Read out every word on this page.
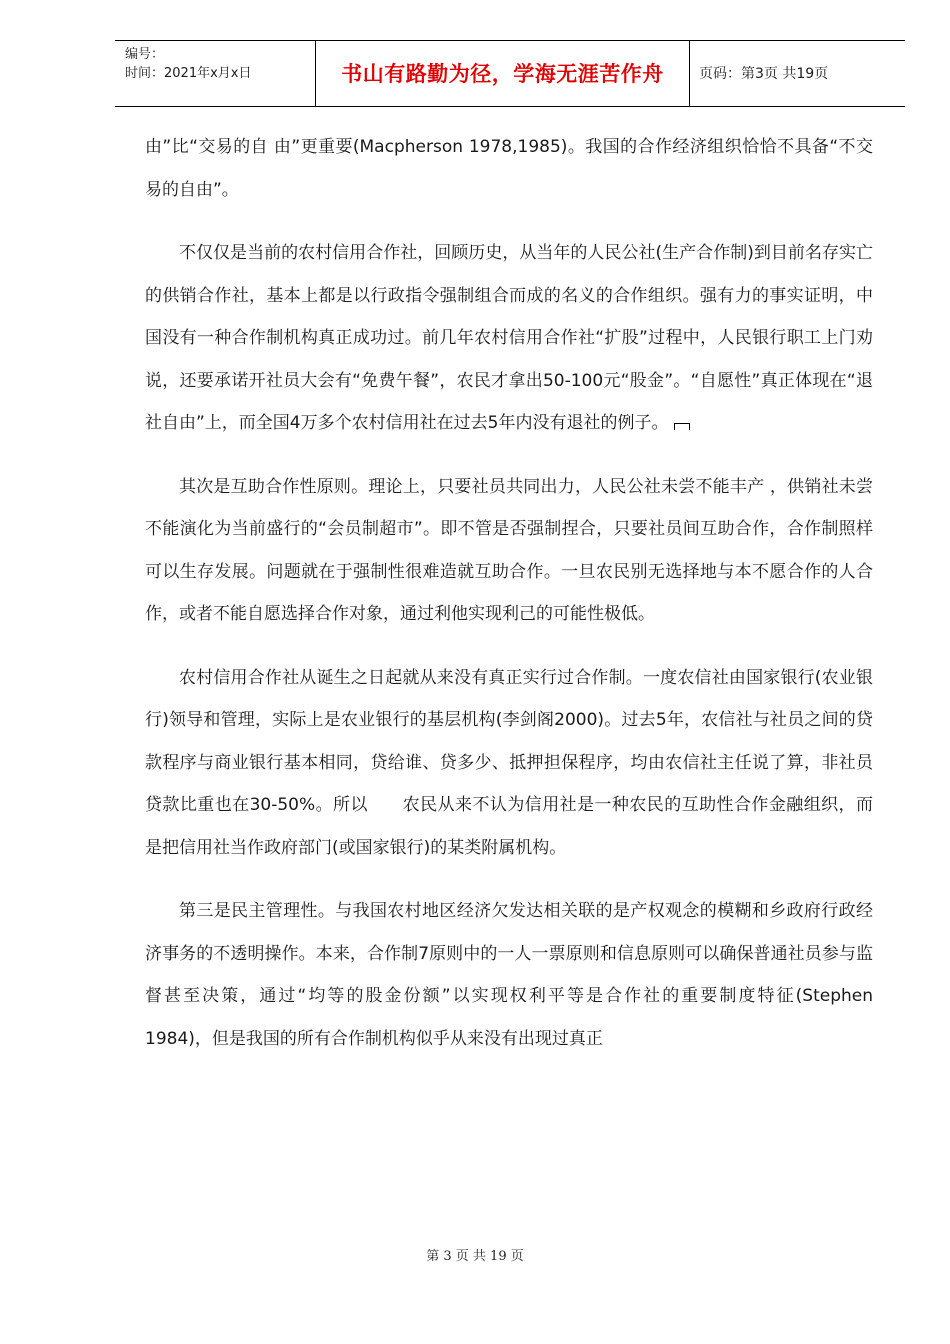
编号：
时间：2021年x月x日	书山有路勤为径，学海无涯苦作舟	页码：第3页 共19页

由”比“交易的自 由”更重要(Macpherson 1978,1985)。我国的合作经济组织恰恰不具备“不交易的自由”。

不仅仅是当前的农村信用合作社，回顾历史，从当年的人民公社(生产合作制)到目前名存实亡的供销合作社，基本上都是以行政指令强制组合而成的名义的合作组织。强有力的事实证明，中国没有一种合作制机构真正成功过。前几年农村信用合作社“扩股”过程中，人民银行职工上门劝说，还要承诺开社员大会有“免费午餐”，农民才拿出50-100元“股金”。“自愿性”真正体现在“退社自由”上，而全国4万多个农村信用社在过去5年内没有退社的例子。

其次是互助合作性原则。理论上，只要社员共同出力，人民公社未尝不能丰产 ，供销社未尝不能演化为当前盛行的“会员制超市”。即不管是否强制捏合，只要社员间互助合作，合作制照样可以生存发展。问题就在于强制性很难造就互助合作。一旦农民别无选择地与本不愿合作的人合作，或者不能自愿选择合作对象，通过利他实现利己的可能性极低。

农村信用合作社从诞生之日起就从来没有真正实行过合作制。一度农信社由国家银行(农业银行)领导和管理，实际上是农业银行的基层机构(李剑阁2000)。过去5年，农信社与社员之间的贷款程序与商业银行基本相同，贷给谁、贷多少、抵押担保程序，均由农信社主任说了算，非社员贷款比重也在30-50%。所以　　农民从来不认为信用社是一种农民的互助性合作金融组织，而是把信用社当作政府部门(或国家银行)的某类附属机构。

第三是民主管理性。与我国农村地区经济欠发达相关联的是产权观念的模糊和乡政府行政经济事务的不透明操作。本来，合作制7原则中的一人一票原则和信息原则可以确保普通社员参与监督甚至决策，通过“均等的股金份额”以实现权利平等是合作社的重要制度特征(Stephen 1984)，但是我国的所有合作制机构似乎从来没有出现过真正

第 3 页 共 19 页
